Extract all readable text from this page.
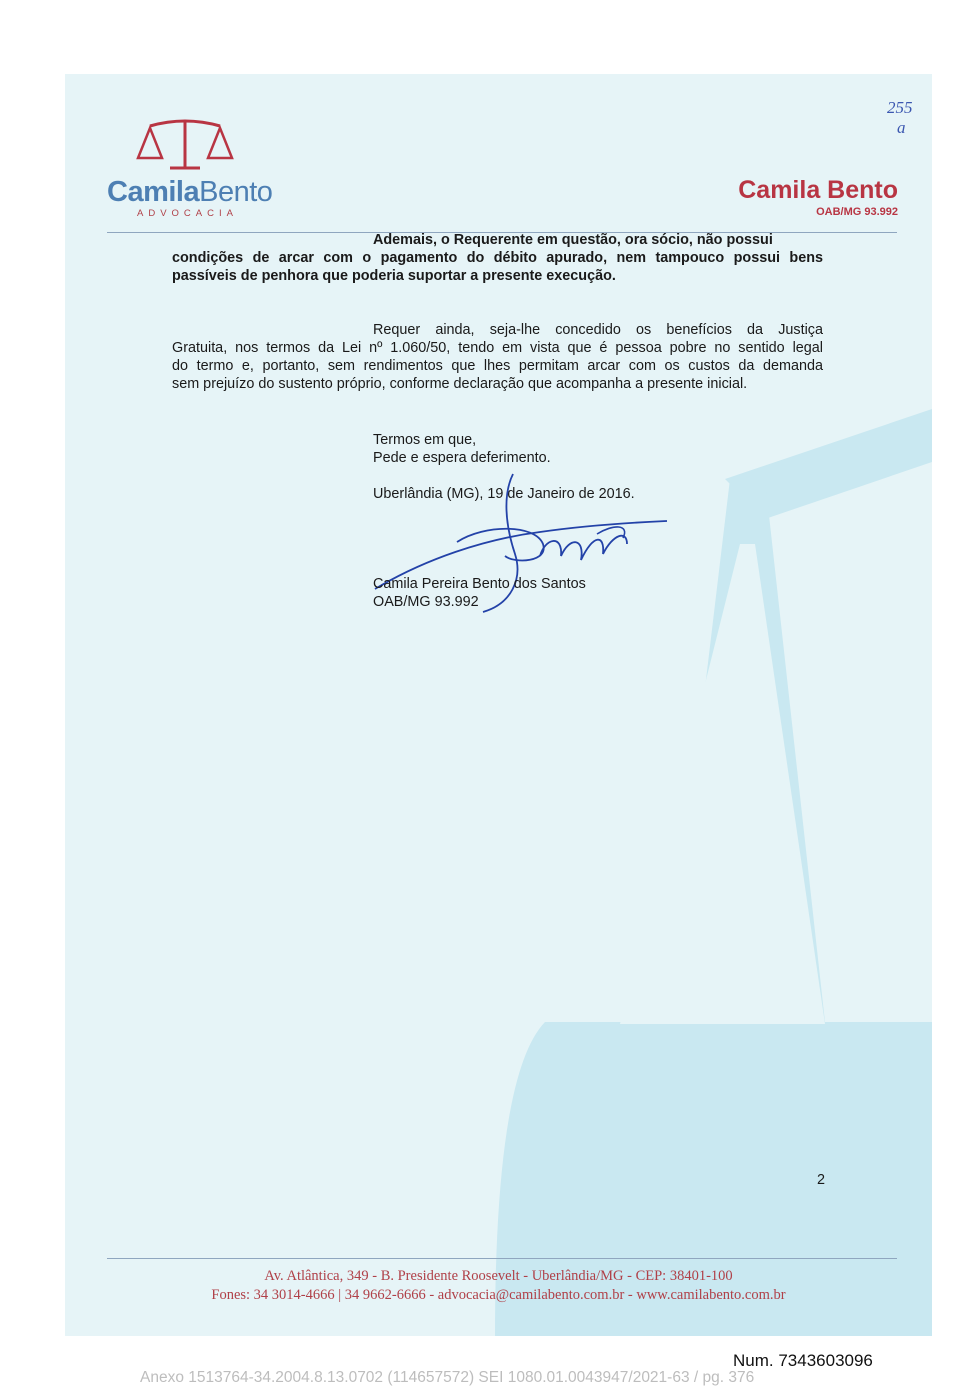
CamilaBento
ADVOCACIA
Camila Bento
OAB/MG 93.992
255
a
Ademais, o Requerente em questão, ora sócio, não possui
condições de arcar com o pagamento do débito apurado, nem tampouco possui bens
passíveis de penhora que poderia suportar a presente execução.
Requer ainda, seja-lhe concedido os benefícios da Justiça
Gratuita, nos termos da Lei nº 1.060/50, tendo em vista que é pessoa pobre no sentido legal
do termo e, portanto, sem rendimentos que lhes permitam arcar com os custos da demanda
sem prejuízo do sustento próprio, conforme declaração que acompanha a presente inicial.
Termos em que,
Pede e espera deferimento.
Uberlândia (MG), 19 de Janeiro de 2016.
Camila Pereira Bento dos Santos
OAB/MG 93.992
2
Av. Atlântica, 349 - B. Presidente Roosevelt - Uberlândia/MG - CEP: 38401-100
Fones: 34 3014-4666 | 34 9662-6666 - advocacia@camilabento.com.br - www.camilabento.com.br
Num. 7343603096
Anexo 1513764-34.2004.8.13.0702 (114657572) SEI 1080.01.0043947/2021-63 / pg. 376
